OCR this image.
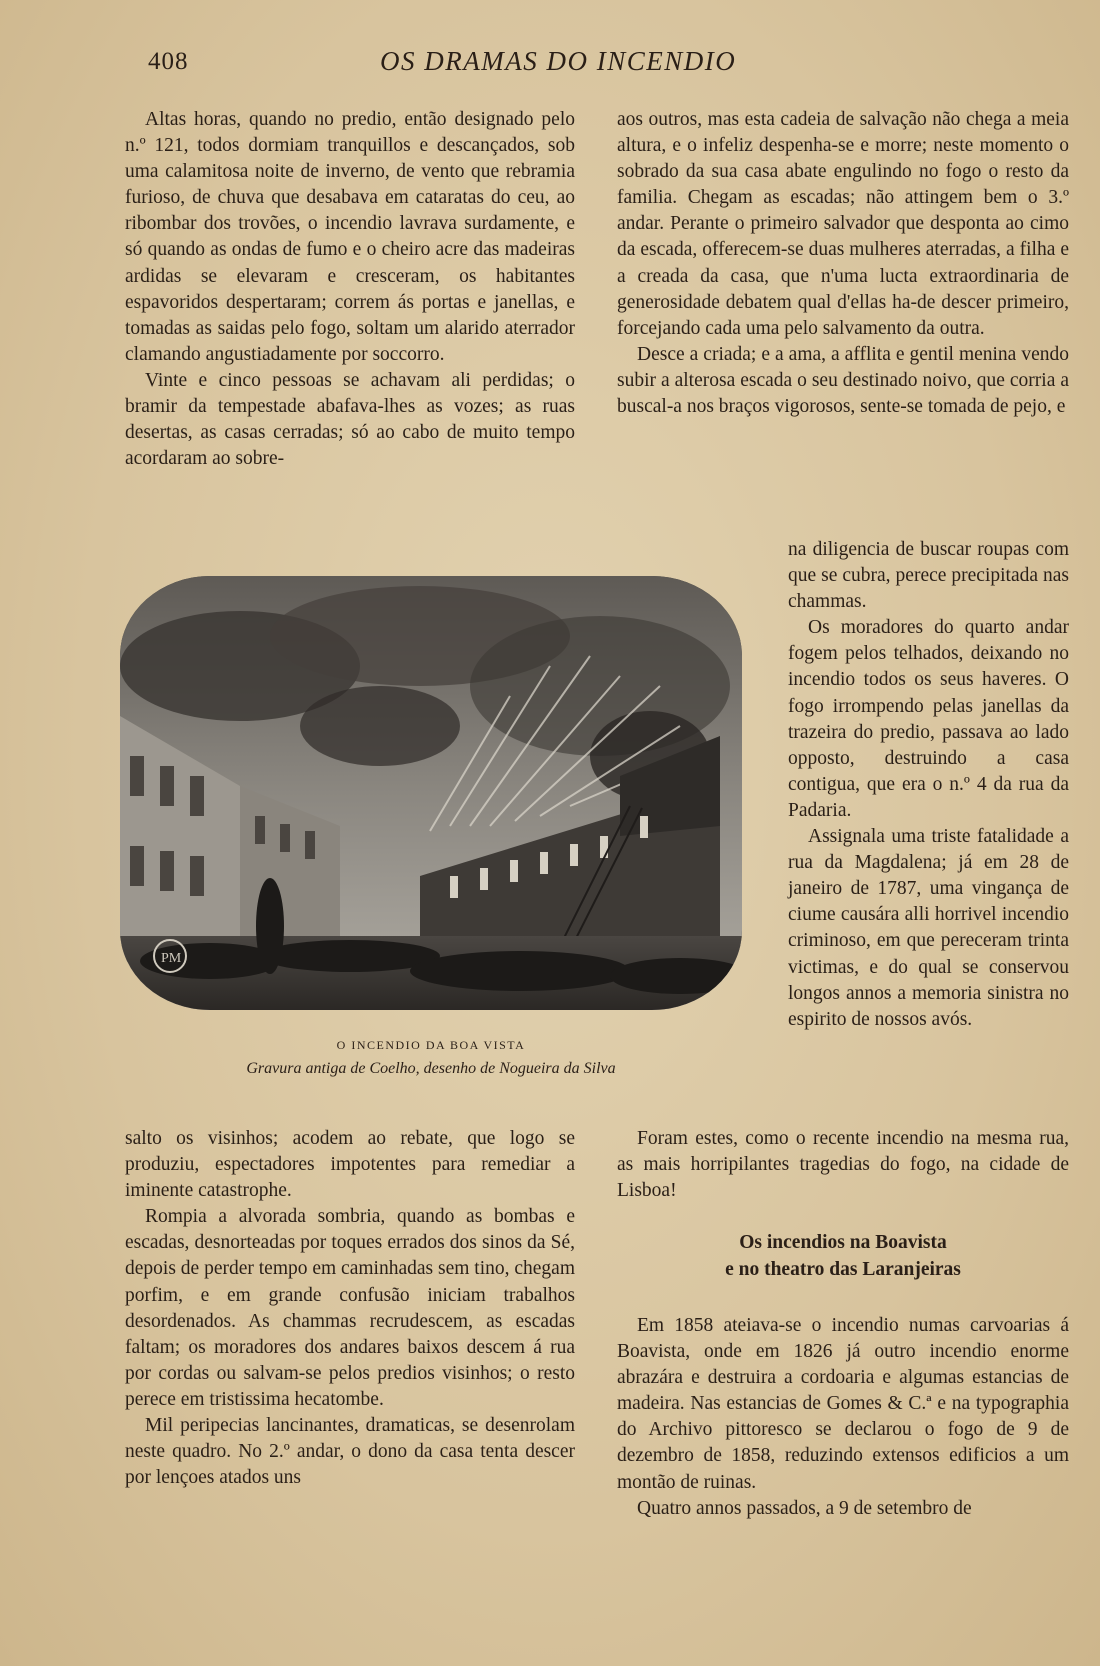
408	OS DRAMAS DO INCENDIO

Altas horas, quando no predio, então designado pelo n.º 121, todos dormiam tranquillos e descançados, sob uma calamitosa noite de inverno, de vento que rebramia furioso, de chuva que desabava em cataratas do ceu, ao ribombar dos trovões, o incendio lavrava surdamente, e só quando as ondas de fumo e o cheiro acre das madeiras ardidas se elevaram e cresceram, os habitantes espavoridos despertaram; correm ás portas e janellas, e tomadas as saidas pelo fogo, soltam um alarido aterrador clamando angustiadamente por soccorro.

Vinte e cinco pessoas se achavam ali perdidas; o bramir da tempestade abafava-lhes as vozes; as ruas desertas, as casas cerradas; só ao cabo de muito tempo acordaram ao sobre-

aos outros, mas esta cadeia de salvação não chega a meia altura, e o infeliz despenha-se e morre; neste momento o sobrado da sua casa abate engulindo no fogo o resto da familia. Chegam as escadas; não attingem bem o 3.º andar. Perante o primeiro salvador que desponta ao cimo da escada, offerecem-se duas mulheres aterradas, a filha e a creada da casa, que n'uma lucta extraordinaria de generosidade debatem qual d'ellas ha-de descer primeiro, forcejando cada uma pelo salvamento da outra.

Desce a criada; e a ama, a afflita e gentil menina vendo subir a alterosa escada o seu destinado noivo, que corria a buscal-a nos braços vigorosos, sente-se tomada de pejo, e

na diligencia de buscar roupas com que se cubra, perece precipitada nas chammas.

Os moradores do quarto andar fogem pelos telhados, deixando no incendio todos os seus haveres. O fogo irrompendo pelas janellas da trazeira do predio, passava ao lado opposto, destruindo a casa contigua, que era o n.º 4 da rua da Padaria.

Assignala uma triste fatalidade a rua da Magdalena; já em 28 de janeiro de 1787, uma vingança de ciume causára alli horrivel incendio criminoso, em que pereceram trinta victimas, e do qual se conservou longos annos a memoria sinistra no espirito de nossos avós.

PM
O INCENDIO DA BOA VISTA
Gravura antiga de Coelho, desenho de Nogueira da Silva

salto os visinhos; acodem ao rebate, que logo se produziu, espectadores impotentes para remediar a iminente catastrophe.

Rompia a alvorada sombria, quando as bombas e escadas, desnorteadas por toques errados dos sinos da Sé, depois de perder tempo em caminhadas sem tino, chegam porfim, e em grande confusão iniciam trabalhos desordenados. As chammas recrudescem, as escadas faltam; os moradores dos andares baixos descem á rua por cordas ou salvam-se pelos predios visinhos; o resto perece em tristissima hecatombe.

Mil peripecias lancinantes, dramaticas, se desenrolam neste quadro. No 2.º andar, o dono da casa tenta descer por lençoes atados uns

Foram estes, como o recente incendio na mesma rua, as mais horripilantes tragedias do fogo, na cidade de Lisboa!

Os incendios na Boavista
e no theatro das Laranjeiras

Em 1858 ateiava-se o incendio numas carvoarias á Boavista, onde em 1826 já outro incendio enorme abrazára e destruira a cordoaria e algumas estancias de madeira. Nas estancias de Gomes & C.ª e na typographia do Archivo pittoresco se declarou o fogo de 9 de dezembro de 1858, reduzindo extensos edificios a um montão de ruinas.

Quatro annos passados, a 9 de setembro de
